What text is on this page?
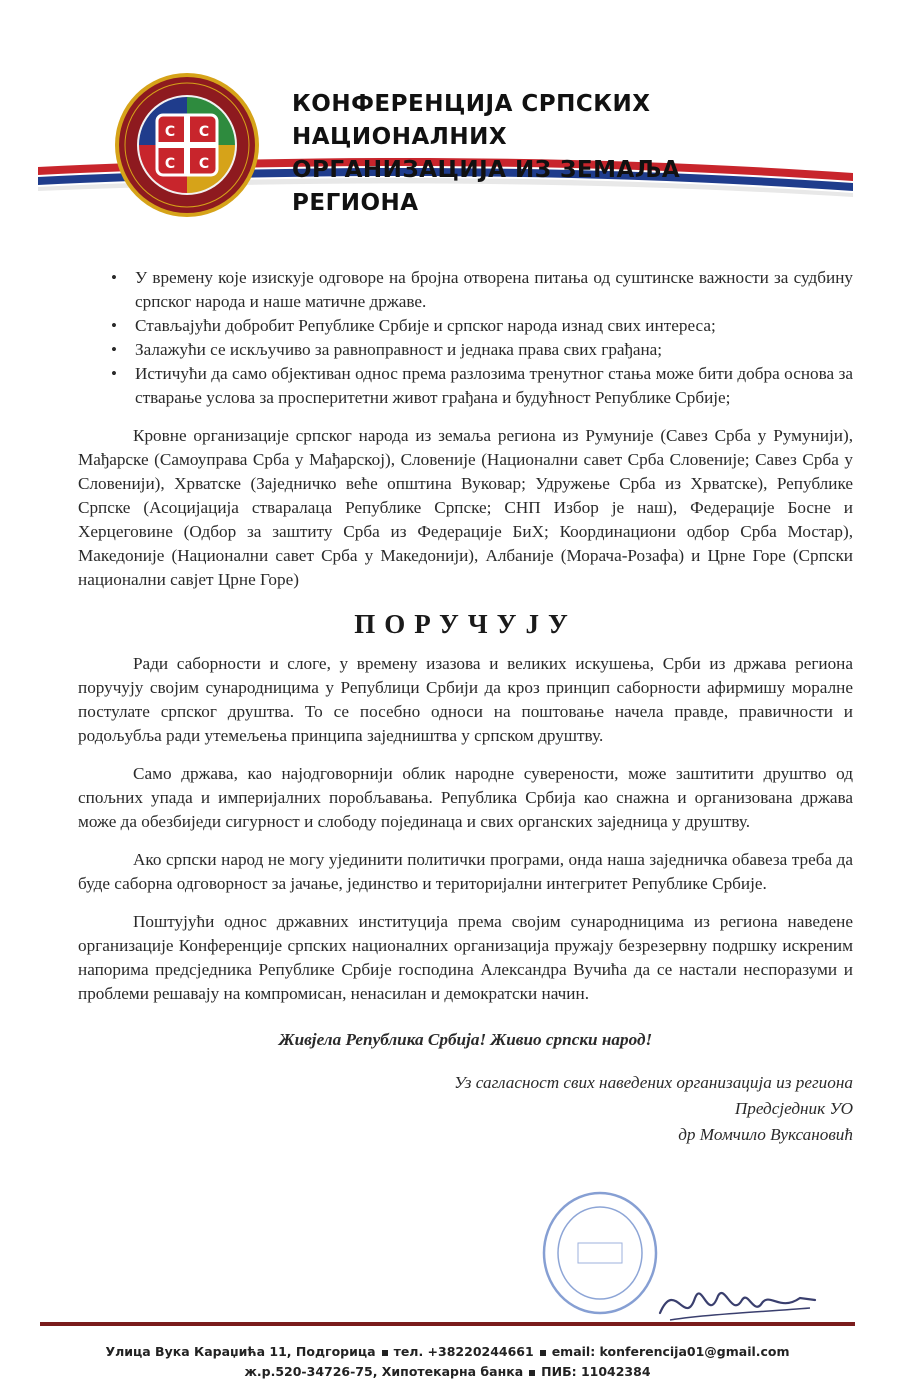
С С
С С
КОНФЕРЕНЦИЈА СРПСКИХ НАЦИОНАЛНИХ
ОРГАНИЗАЦИЈА ИЗ ЗЕМАЉА РЕГИОНА
• У времену које изискује одговоре на бројна отворена питања од суштинске важности за судбину српског народа и наше матичне државе.
• Стављајући добробит Републике Србије и српског народа изнад свих интереса;
• Залажући се искључиво за равноправност и једнака права свих грађана;
• Истичући да само објективан однос према разлозима тренутног стања може бити добра основа за стварање услова за просперитетни живот грађана и будућност Републике Србије;

Кровне организације српског народа из земаља региона из Румуније (Савез Срба у Румунији), Мађарске (Самоуправа Срба у Мађарској), Словеније (Национални савет Срба Словеније; Савез Срба у Словенији), Хрватске (Заједничко веће општина Вуковар; Удружење Срба из Хрватске), Републике Српске (Асоцијација ствaралаца Републике Српске; СНП Избор је наш), Федерације Босне и Херцеговине (Одбор за заштиту Срба из Федерације БиХ; Координациони одбор Срба Мостар), Македоније (Национални савет Срба у Македонији), Албаније (Морача-Розафа) и Црне Горе (Српски национални савјет Црне Горе)

ПОРУЧУЈУ

Ради саборности и слоге, у времену изазова и великих искушења, Срби из држава региона поручују својим сународницима у Републици Србији да кроз принцип саборности афирмишу моралне постулате српског друштва. То се посебно односи на поштовање начела правде, правичности и родољубља ради утемељења принципа заједништва у српском друштву.

Само држава, као најодговорнији облик народне суверености, може заштитити друштво од спољних упада и империјалних поробљавања. Република Србија као снажна и организована држава може да обезбиједи сигурност и слободу појединаца и свих органских заједница у друштву.

Ако српски народ не могу ујединити политички програми, онда наша заједничка обавеза треба да буде саборна одговорност за јачање, јединство и територијални интегритет Републике Србије.

Поштујући однос државних институција према својим сународницима из региона наведене организације Конференције српских националних организација пружају безрезервну подршку искреним напорима предсједника Републике Србије господина Александра Вучића да се настали неспоразуми и проблеми решавају на компромисан, ненасилан и демократски начин.

Живјела Република Србија! Живио српски народ!
Уз сагласност свих наведених организација из региона
Предсједник УО
др Момчило Вуксановић
Улица Вука Караџића 11, Подгорица тел. +38220244661 email: konferencija01@gmail.com
ж.р.520-34726-75, Хипотекарна банка ПИБ: 11042384
